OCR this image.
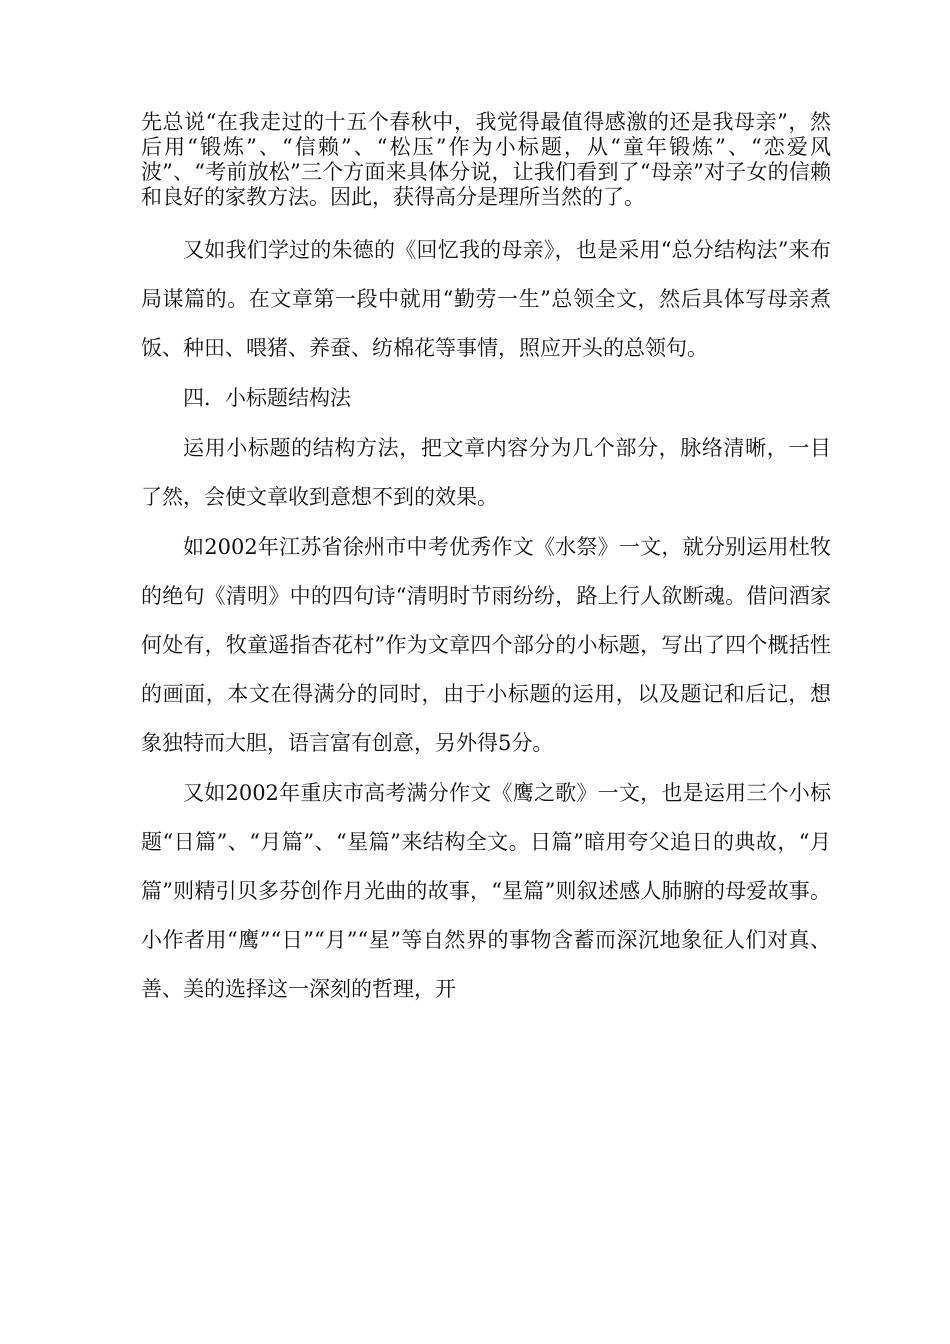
先总说“在我走过的十五个春秋中，我觉得最值得感激的还是我母亲”，然后用“锻炼”、“信赖”、“松压”作为小标题，从“童年锻炼”、“恋爱风波”、“考前放松”三个方面来具体分说，让我们看到了“母亲”对子女的信赖和良好的家教方法。因此，获得高分是理所当然的了。

又如我们学过的朱德的《回忆我的母亲》，也是采用“总分结构法”来布局谋篇的。在文章第一段中就用“勤劳一生”总领全文，然后具体写母亲煮饭、种田、喂猪、养蚕、纺棉花等事情，照应开头的总领句。

四．小标题结构法

运用小标题的结构方法，把文章内容分为几个部分，脉络清晰，一目了然，会使文章收到意想不到的效果。

如2002年江苏省徐州市中考优秀作文《水祭》一文，就分别运用杜牧的绝句《清明》中的四句诗“清明时节雨纷纷，路上行人欲断魂。借问酒家何处有，牧童遥指杏花村”作为文章四个部分的小标题，写出了四个概括性的画面，本文在得满分的同时，由于小标题的运用，以及题记和后记，想象独特而大胆，语言富有创意，另外得5分。

又如2002年重庆市高考满分作文《鹰之歌》一文，也是运用三个小标题“日篇”、“月篇”、“星篇”来结构全文。日篇”暗用夸父追日的典故，“月篇”则精引贝多芬创作月光曲的故事，“星篇”则叙述感人肺腑的母爱故事。小作者用“鹰”“日”“月”“星”等自然界的事物含蓄而深沉地象征人们对真、善、美的选择这一深刻的哲理，开
